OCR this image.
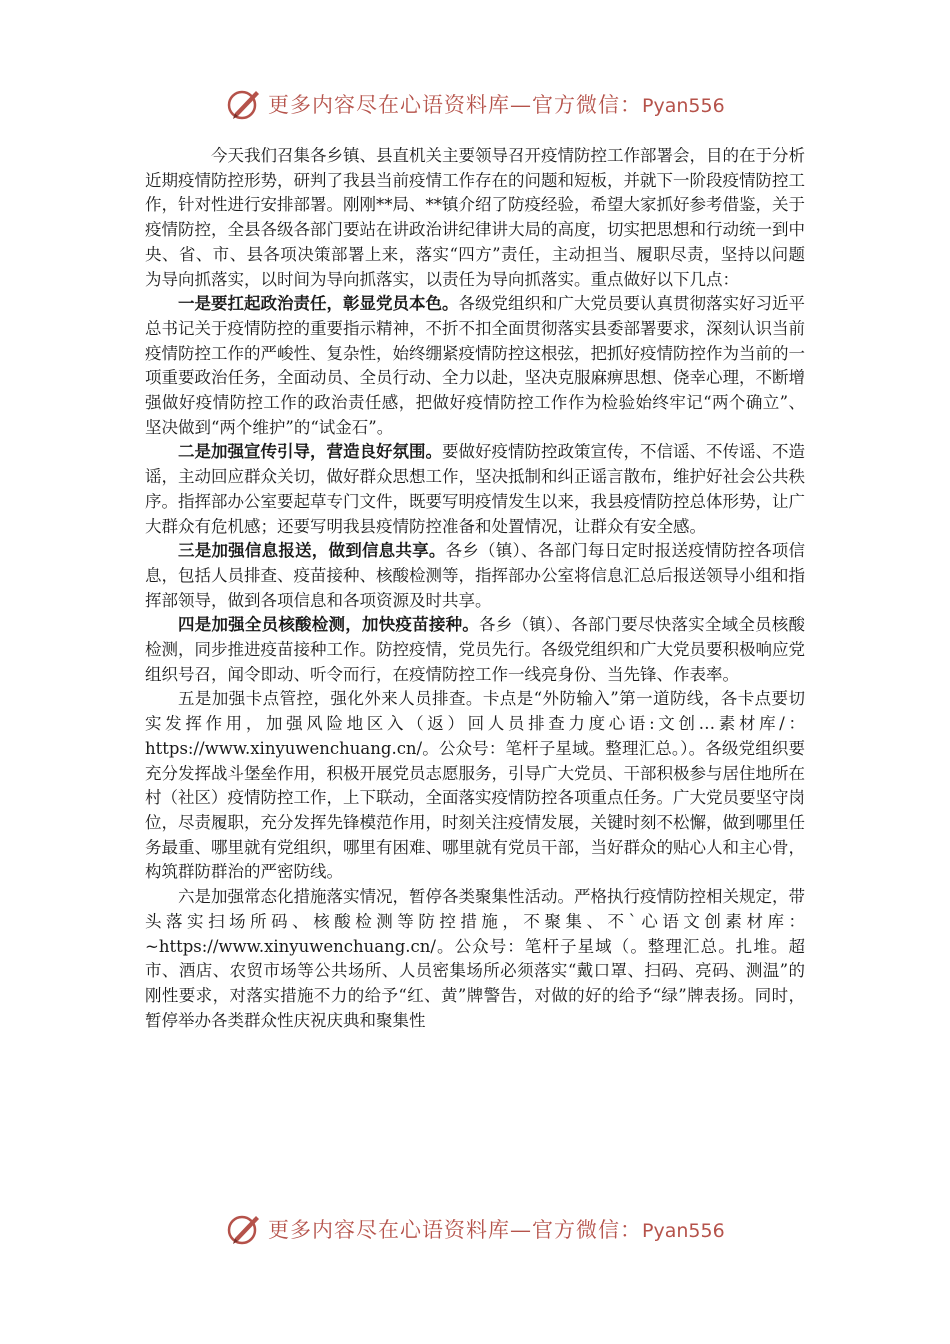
更多内容尽在心语资料库—官方微信：Pyan556

今天我们召集各乡镇、县直机关主要领导召开疫情防控工作部署会，目的在于分析近期疫情防控形势，研判了我县当前疫情工作存在的问题和短板，并就下一阶段疫情防控工作，针对性进行安排部署。刚刚**局、**镇介绍了防疫经验，希望大家抓好参考借鉴，关于疫情防控，全县各级各部门要站在讲政治讲纪律讲大局的高度，切实把思想和行动统一到中央、省、市、县各项决策部署上来，落实“四方”责任，主动担当、履职尽责，坚持以问题为导向抓落实，以时间为导向抓落实，以责任为导向抓落实。重点做好以下几点：

一是要扛起政治责任，彰显党员本色。各级党组织和广大党员要认真贯彻落实好习近平总书记关于疫情防控的重要指示精神，不折不扣全面贯彻落实县委部署要求，深刻认识当前疫情防控工作的严峻性、复杂性，始终绷紧疫情防控这根弦，把抓好疫情防控作为当前的一项重要政治任务，全面动员、全员行动、全力以赴，坚决克服麻痹思想、侥幸心理，不断增强做好疫情防控工作的政治责任感，把做好疫情防控工作作为检验始终牢记“两个确立”、坚决做到“两个维护”的“试金石”。

二是加强宣传引导，营造良好氛围。要做好疫情防控政策宣传，不信谣、不传谣、不造谣，主动回应群众关切，做好群众思想工作，坚决抵制和纠正谣言散布，维护好社会公共秩序。指挥部办公室要起草专门文件，既要写明疫情发生以来，我县疫情防控总体形势，让广大群众有危机感；还要写明我县疫情防控准备和处置情况，让群众有安全感。

三是加强信息报送，做到信息共享。各乡（镇）、各部门每日定时报送疫情防控各项信息，包括人员排查、疫苗接种、核酸检测等，指挥部办公室将信息汇总后报送领导小组和指挥部领导，做到各项信息和各项资源及时共享。

四是加强全员核酸检测，加快疫苗接种。各乡（镇）、各部门要尽快落实全域全员核酸检测，同步推进疫苗接种工作。防控疫情，党员先行。各级党组织和广大党员要积极响应党组织号召，闻令即动、听令而行，在疫情防控工作一线亮身份、当先锋、作表率。

五是加强卡点管控，强化外来人员排查。卡点是“外防输入”第一道防线，各卡点要切实发挥作用，加强风险地区入（返）回人员排查力度心语:文创…素材库/：https://www.xinyuwenchuang.cn/。公众号：笔杆子星域。整理汇总。）。各级党组织要充分发挥战斗堡垒作用，积极开展党员志愿服务，引导广大党员、干部积极参与居住地所在村（社区）疫情防控工作，上下联动，全面落实疫情防控各项重点任务。广大党员要坚守岗位，尽责履职，充分发挥先锋模范作用，时刻关注疫情发展，关键时刻不松懈，做到哪里任务最重、哪里就有党组织，哪里有困难、哪里就有党员干部，当好群众的贴心人和主心骨，构筑群防群治的严密防线。

六是加强常态化措施落实情况，暂停各类聚集性活动。严格执行疫情防控相关规定，带头落实扫场所码、核酸检测等防控措施，不聚集、不`心语文创素材库：~https://www.xinyuwenchuang.cn/。公众号：笔杆子星域（。整理汇总。扎堆。超市、酒店、农贸市场等公共场所、人员密集场所必须落实“戴口罩、扫码、亮码、测温”的刚性要求，对落实措施不力的给予“红、黄”牌警告，对做的好的给予“绿”牌表扬。同时，暂停举办各类群众性庆祝庆典和聚集性

更多内容尽在心语资料库—官方微信：Pyan556
